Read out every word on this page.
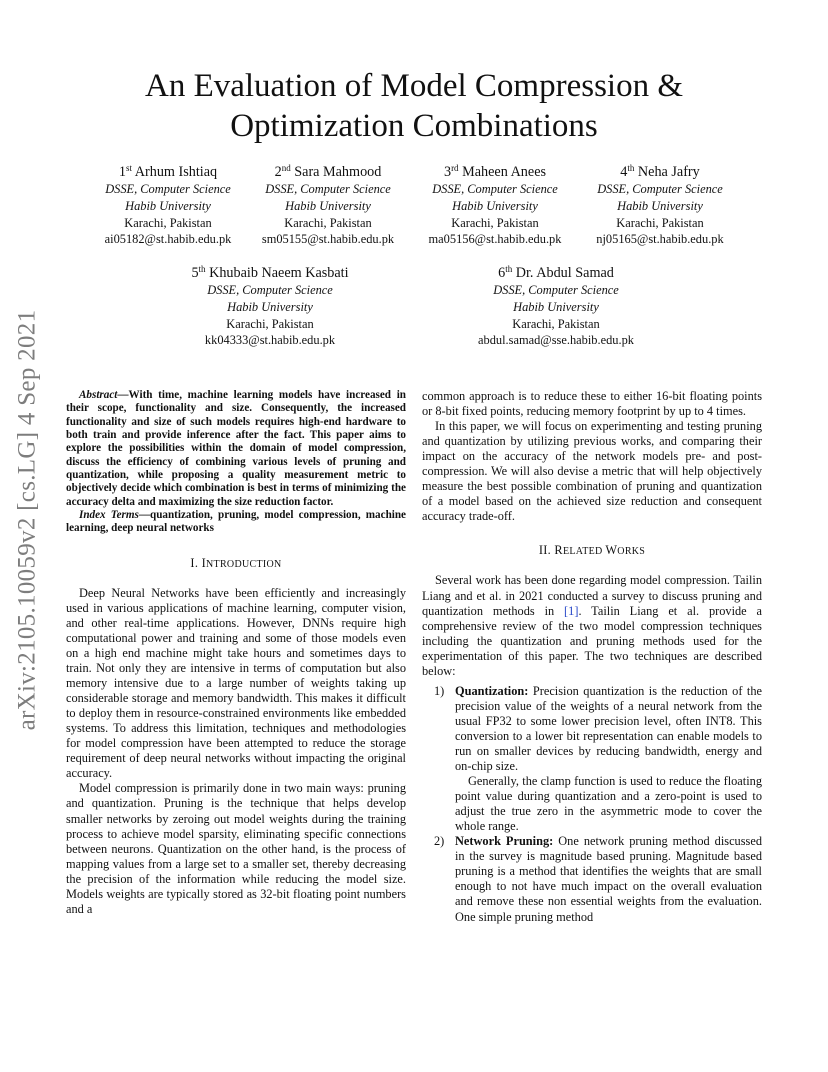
arXiv:2105.10059v2 [cs.LG] 4 Sep 2021
An Evaluation of Model Compression &
Optimization Combinations
1st Arhum Ishtiaq
DSSE, Computer Science
Habib University
Karachi, Pakistan
ai05182@st.habib.edu.pk
2nd Sara Mahmood
DSSE, Computer Science
Habib University
Karachi, Pakistan
sm05155@st.habib.edu.pk
3rd Maheen Anees
DSSE, Computer Science
Habib University
Karachi, Pakistan
ma05156@st.habib.edu.pk
4th Neha Jafry
DSSE, Computer Science
Habib University
Karachi, Pakistan
nj05165@st.habib.edu.pk
5th Khubaib Naeem Kasbati
DSSE, Computer Science
Habib University
Karachi, Pakistan
kk04333@st.habib.edu.pk
6th Dr. Abdul Samad
DSSE, Computer Science
Habib University
Karachi, Pakistan
abdul.samad@sse.habib.edu.pk

Abstract—With time, machine learning models have increased in their scope, functionality and size. Consequently, the increased functionality and size of such models requires high-end hardware to both train and provide inference after the fact. This paper aims to explore the possibilities within the domain of model compression, discuss the efficiency of combining various levels of pruning and quantization, while proposing a quality measurement metric to objectively decide which combination is best in terms of minimizing the accuracy delta and maximizing the size reduction factor.

Index Terms—quantization, pruning, model compression, machine learning, deep neural networks

I. INTRODUCTION

Deep Neural Networks have been efficiently and increasingly used in various applications of machine learning, computer vision, and other real-time applications. However, DNNs require high computational power and training and some of those models even on a high end machine might take hours and sometimes days to train. Not only they are intensive in terms of computation but also memory intensive due to a large number of weights taking up considerable storage and memory bandwidth. This makes it difficult to deploy them in resource-constrained environments like embedded systems. To address this limitation, techniques and methodologies for model compression have been attempted to reduce the storage requirement of deep neural networks without impacting the original accuracy.

Model compression is primarily done in two main ways: pruning and quantization. Pruning is the technique that helps develop smaller networks by zeroing out model weights during the training process to achieve model sparsity, eliminating specific connections between neurons. Quantization on the other hand, is the process of mapping values from a large set to a smaller set, thereby decreasing the precision of the information while reducing the model size. Models weights are typically stored as 32-bit floating point numbers and a

common approach is to reduce these to either 16-bit floating points or 8-bit fixed points, reducing memory footprint by up to 4 times.

In this paper, we will focus on experimenting and testing pruning and quantization by utilizing previous works, and comparing their impact on the accuracy of the network models pre- and post-compression. We will also devise a metric that will help objectively measure the best possible combination of pruning and quantization of a model based on the achieved size reduction and consequent accuracy trade-off.

II. RELATED WORKS

Several work has been done regarding model compression. Tailin Liang and et al. in 2021 conducted a survey to discuss pruning and quantization methods in [1]. Tailin Liang et al. provide a comprehensive review of the two model compression techniques including the quantization and pruning methods used for the experimentation of this paper. The two techniques are described below:

1) Quantization: Precision quantization is the reduction of the precision value of the weights of a neural network from the usual FP32 to some lower precision level, often INT8. This conversion to a lower bit representation can enable models to run on smaller devices by reducing bandwidth, energy and on-chip size.

Generally, the clamp function is used to reduce the floating point value during quantization and a zero-point is used to adjust the true zero in the asymmetric mode to cover the whole range.

2) Network Pruning: One network pruning method discussed in the survey is magnitude based pruning. Magnitude based pruning is a method that identifies the weights that are small enough to not have much impact on the overall evaluation and remove these non essential weights from the evaluation. One simple pruning method
